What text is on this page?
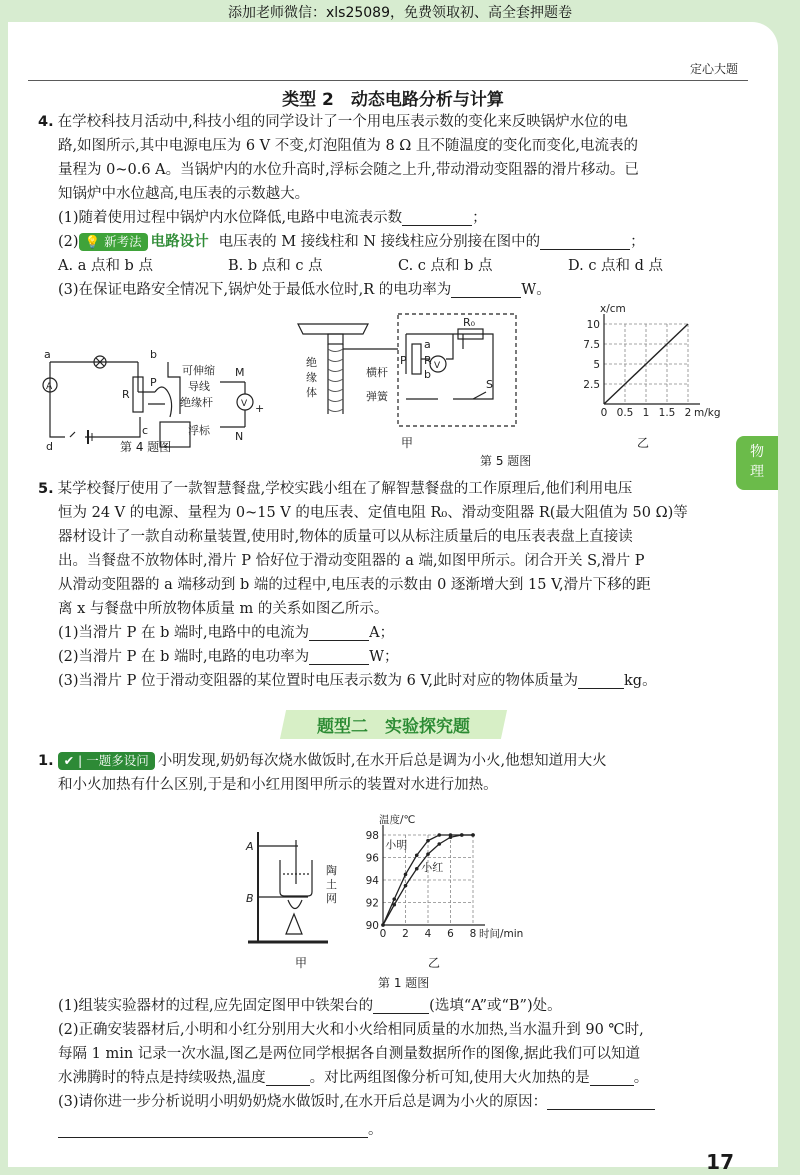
添加老师微信：xls25089，免费领取初、高全套押题卷
定心大题
类型 2　动态电路分析与计算
4. 在学校科技月活动中,科技小组的同学设计了一个用电压表示数的变化来反映锅炉水位的电
路,如图所示,其中电源电压为 6 V 不变,灯泡阻值为 8 Ω 且不随温度的变化而变化,电流表的
量程为 0~0.6 A。当锅炉内的水位升高时,浮标会随之上升,带动滑动变阻器的滑片移动。已
知锅炉中水位越高,电压表的示数越大。
(1)随着使用过程中锅炉内水位降低,电路中电流表示数	；
(2) 💡 新考法 电路设计 电压表的 M 接线柱和 N 接线柱应分别接在图中的	；
A. a 点和 b 点	B. b 点和 c 点	C. c 点和 b 点	D. c 点和 d 点
(3)在保证电路安全情况下,锅炉处于最低水位时,R 的电功率为	W。
a	b
c
d
A
R
P
M
N
V +
可伸缩
导线
绝缘杆
浮标
第 4 题图
绝
缘
体
横杆
弹簧
P
a
R
b
R₀
V
S
甲
0 0.5 1 1.5 2
2.5
5
7.5
10
m/kg
x/cm
乙
第 5 题图
5. 某学校餐厅使用了一款智慧餐盘,学校实践小组在了解智慧餐盘的工作原理后,他们利用电压
恒为 24 V 的电源、量程为 0~15 V 的电压表、定值电阻 R₀、滑动变阻器 R(最大阻值为 50 Ω)等
器材设计了一款自动称量装置,使用时,物体的质量可以从标注质量后的电压表表盘上直接读
出。当餐盘不放物体时,滑片 P 恰好位于滑动变阻器的 a 端,如图甲所示。闭合开关 S,滑片 P
从滑动变阻器的 a 端移动到 b 端的过程中,电压表的示数由 0 逐渐增大到 15 V,滑片下移的距
离 x 与餐盘中所放物体质量 m 的关系如图乙所示。
(1)当滑片 P 在 b 端时,电路中的电流为	A；
(2)当滑片 P 在 b 端时,电路的电功率为	W；
(3)当滑片 P 位于滑动变阻器的某位置时电压表示数为 6 V,此时对应的物体质量为	kg。
题型二　实验探究题
1. ✔ | 一题多设问 小明发现,奶奶每次烧水做饭时,在水开后总是调为小火,他想知道用大火
和小火加热有什么区别,于是和小红用图甲所示的装置对水进行加热。
A
B
陶
土
网
甲
0 2 4 6 8
90
92
94
96
98
时间/min
温度/℃
小明
小红
乙
第 1 题图
(1)组装实验器材的过程,应先固定图甲中铁架台的	(选填“A”或“B”)处。
(2)正确安装器材后,小明和小红分别用大火和小火给相同质量的水加热,当水温升到 90 ℃时,
每隔 1 min 记录一次水温,图乙是两位同学根据各自测量数据所作的图像,据此我们可以知道
水沸腾时的特点是持续吸热,温度	。对比两组图像分析可知,使用大火加热的是	。
(3)请你进一步分析说明小明奶奶烧水做饭时,在水开后总是调为小火的原因：
。
物
理
17
